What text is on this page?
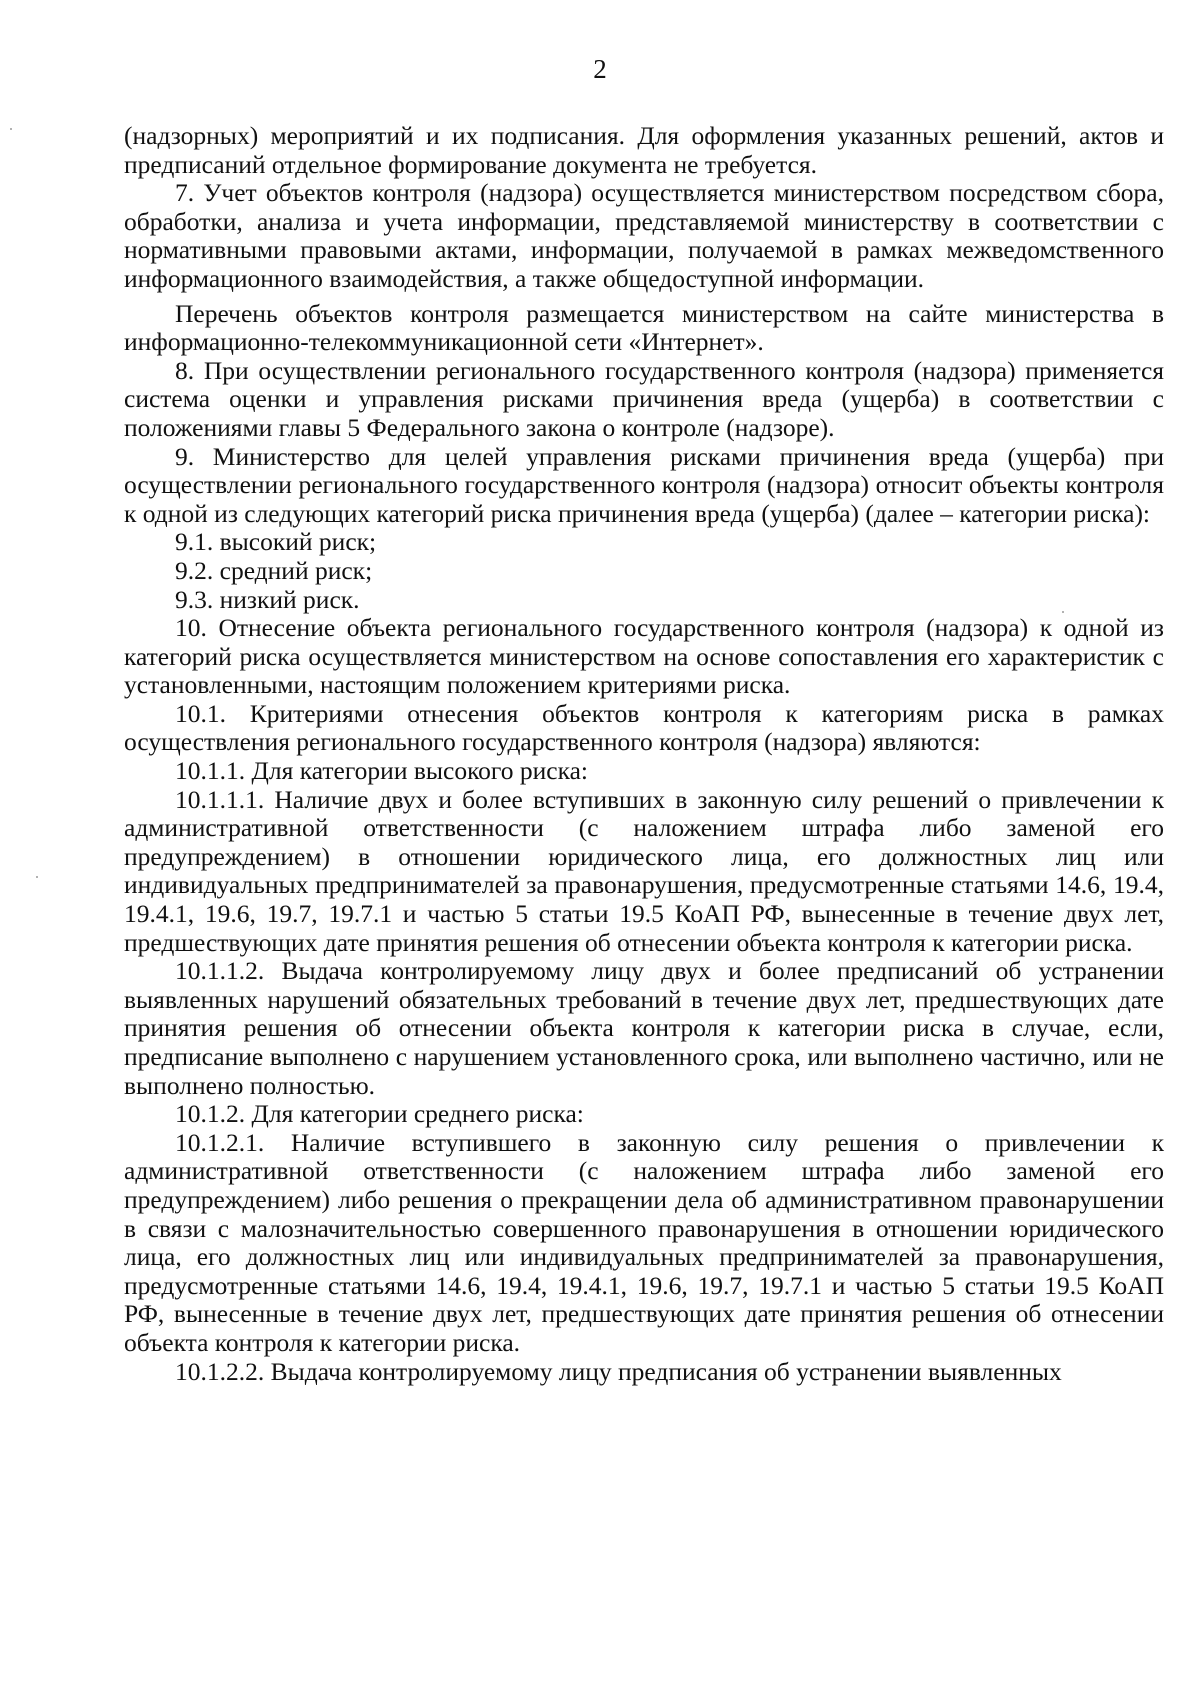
2

(надзорных) мероприятий и их подписания. Для оформления указанных решений, актов и предписаний отдельное формирование документа не требуется.

7. Учет объектов контроля (надзора) осуществляется министерством посредством сбора, обработки, анализа и учета информации, представляемой министерству в соответствии с нормативными правовыми актами, информации, получаемой в рамках межведомственного информационного взаимодействия, а также общедоступной информации.

Перечень объектов контроля размещается министерством на сайте министерства в информационно-телекоммуникационной сети «Интернет».

8. При осуществлении регионального государственного контроля (надзора) применяется система оценки и управления рисками причинения вреда (ущерба) в соответствии с положениями главы 5 Федерального закона о контроле (надзоре).

9. Министерство для целей управления рисками причинения вреда (ущерба) при осуществлении регионального государственного контроля (надзора) относит объекты контроля к одной из следующих категорий риска причинения вреда (ущерба) (далее – категории риска):

9.1. высокий риск;

9.2. средний риск;

9.3. низкий риск.

10. Отнесение объекта регионального государственного контроля (надзора) к одной из категорий риска осуществляется министерством на основе сопоставления его характеристик с установленными, настоящим положением критериями риска.

10.1. Критериями отнесения объектов контроля к категориям риска в рамках осуществления регионального государственного контроля (надзора) являются:

10.1.1. Для категории высокого риска:

10.1.1.1. Наличие двух и более вступивших в законную силу решений о привлечении к административной ответственности (с наложением штрафа либо заменой его предупреждением) в отношении юридического лица, его должностных лиц или индивидуальных предпринимателей за правонарушения, предусмотренные статьями 14.6, 19.4, 19.4.1, 19.6, 19.7, 19.7.1 и частью 5 статьи 19.5 КоАП РФ, вынесенные в течение двух лет, предшествующих дате принятия решения об отнесении объекта контроля к категории риска.

10.1.1.2. Выдача контролируемому лицу двух и более предписаний об устранении выявленных нарушений обязательных требований в течение двух лет, предшествующих дате принятия решения об отнесении объекта контроля к категории риска в случае, если, предписание выполнено с нарушением установленного срока, или выполнено частично, или не выполнено полностью.

10.1.2. Для категории среднего риска:

10.1.2.1. Наличие вступившего в законную силу решения о привлечении к административной ответственности (с наложением штрафа либо заменой его предупреждением) либо решения о прекращении дела об административном правонарушении в связи с малозначительностью совершенного правонарушения в отношении юридического лица, его должностных лиц или индивидуальных предпринимателей за правонарушения, предусмотренные статьями 14.6, 19.4, 19.4.1, 19.6, 19.7, 19.7.1 и частью 5 статьи 19.5 КоАП РФ, вынесенные в течение двух лет, предшествующих дате принятия решения об отнесении объекта контроля к категории риска.

10.1.2.2. Выдача контролируемому лицу предписания об устранении выявленных
